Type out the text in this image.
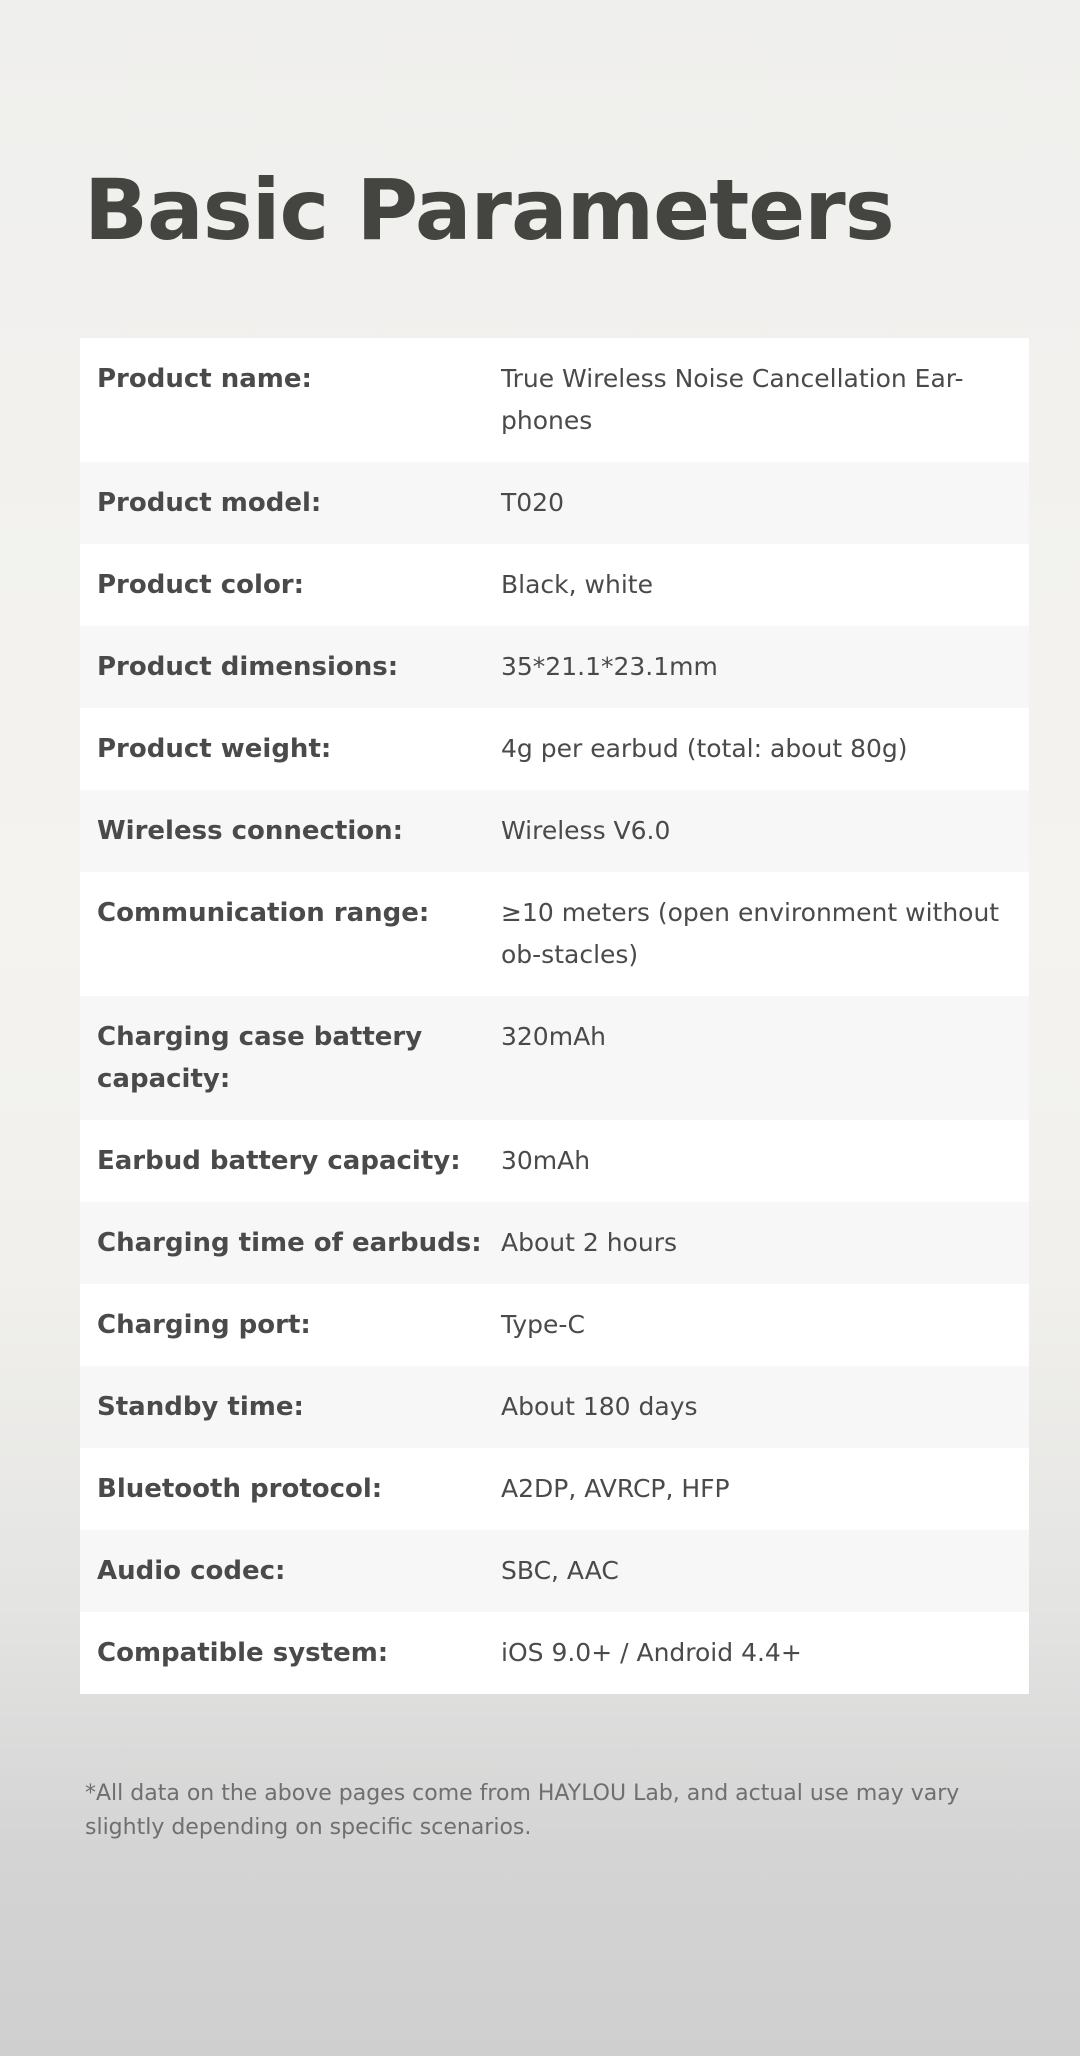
Basic Parameters
Product name:	True Wireless Noise Cancellation Ear-phones
Product model:	T020
Product color:	Black, white
Product dimensions:	35*21.1*23.1mm
Product weight:	4g per earbud (total: about 80g)
Wireless connection:	Wireless V6.0
Communication range:	≥10 meters (open environment without ob-stacles)
Charging case battery capacity:
320mAh
Earbud battery capacity:	30mAh
Charging time of earbuds: About 2 hours
Charging port:	Type-C
Standby time:	About 180 days
Bluetooth protocol:	A2DP, AVRCP, HFP
Audio codec:	SBC, AAC
Compatible system:	iOS 9.0+ / Android 4.4+

*All data on the above pages come from HAYLOU Lab, and actual use may vary slightly depending on specific scenarios.
